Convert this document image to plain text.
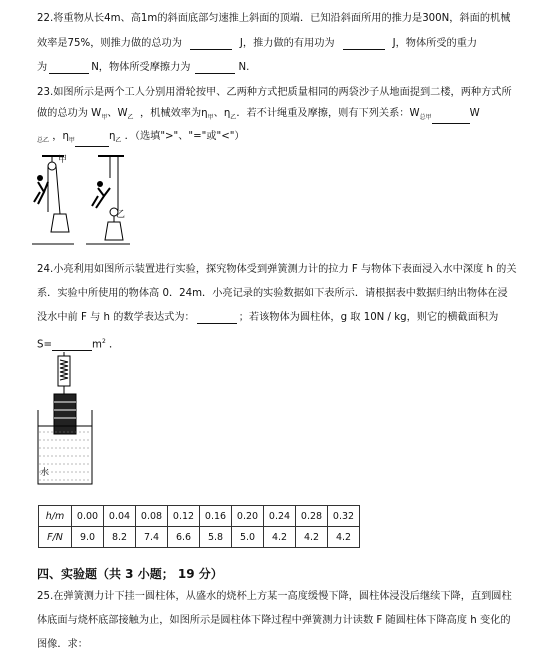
22.将重物从长4m、高1m的斜面底部匀速推上斜面的顶端．已知沿斜面所用的推力是300N，斜面的机械
效率是75%，则推力做的总功为	J，推力做的有用功为	J，物体所受的重力
为	N，物体所受摩擦力为	N.
23.如图所示是两个工人分别用滑轮按甲、乙两种方式把质量相同的两袋沙子从地面提到二楼，两种方式所
做的总功为 $W_甲$、$W_乙$ ，机械效率为$\eta_甲$、$\eta_乙$．若不计绳重及摩擦，则有下列关系：$W_{总甲}$	W
$_{总乙}$ ，$\eta_甲$	$\eta_乙$ ．（选填">"、"="或"<"）
甲
乙
24.小亮利用如图所示装置进行实验，探究物体受到弹簧测力计的拉力 F 与物体下表面浸入水中深度 h 的关
系．实验中所使用的物体高 0．24m．小亮记录的实验数据如下表所示．请根据表中数据归纳出物体在浸
没水中前 F 与 h 的数学表达式为：	；若该物体为圆柱体，g 取 10N / kg，则它的横截面积为
S=	$m^2$ ．
水
h/m	0.00	0.04	0.08	0.12	0.16	0.20	0.24	0.28	0.32
F/N	9.0	8.2	7.4	6.6	5.8	5.0	4.2	4.2	4.2
四、实验题（共 3 小题； 19 分）
25.在弹簧测力计下挂一圆柱体，从盛水的烧杯上方某一高度缓慢下降，圆柱体浸没后继续下降，直到圆柱
体底面与烧杯底部接触为止，如图所示是圆柱体下降过程中弹簧测力计读数 F 随圆柱体下降高度 h 变化的
图像．求：
